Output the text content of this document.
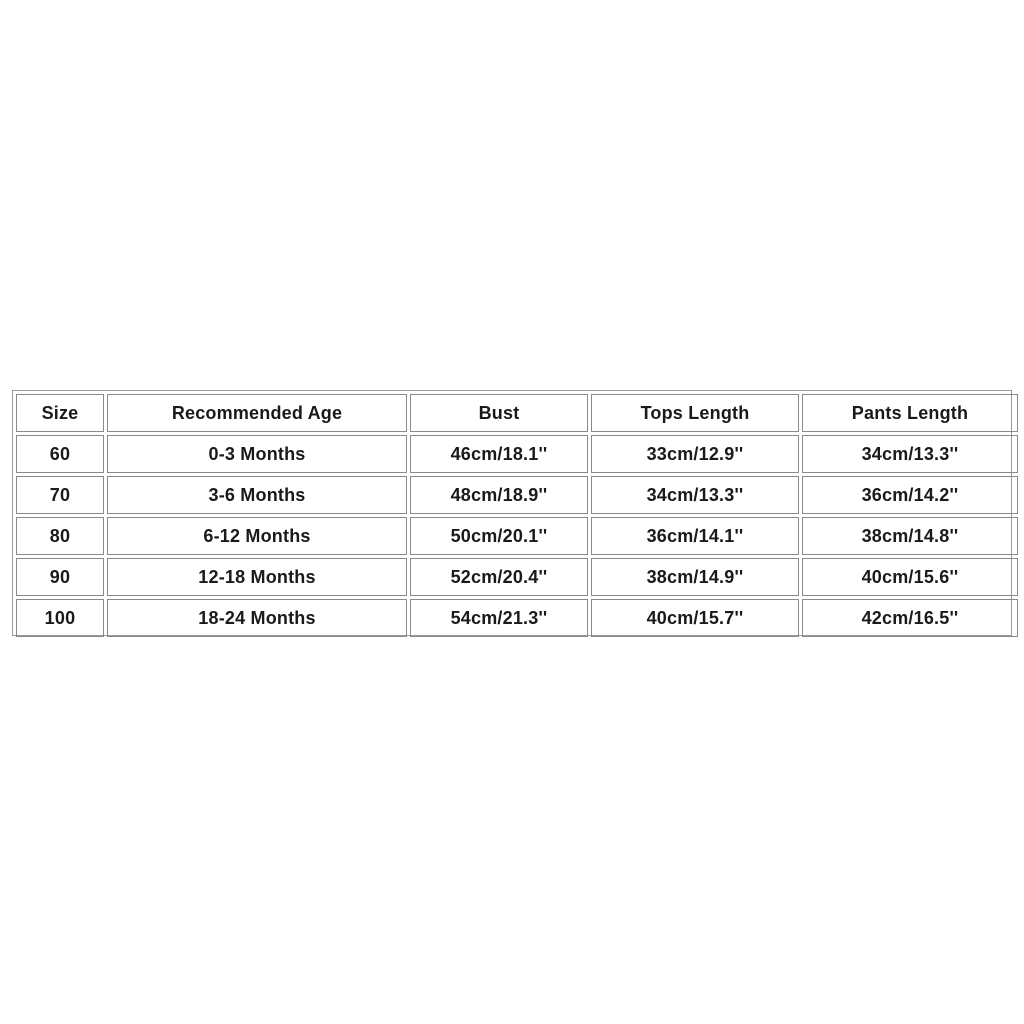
Size	Recommended Age	Bust	Tops Length	Pants Length
60	0-3 Months	46cm/18.1''	33cm/12.9''	34cm/13.3''
70	3-6 Months	48cm/18.9''	34cm/13.3''	36cm/14.2''
80	6-12 Months	50cm/20.1''	36cm/14.1''	38cm/14.8''
90	12-18 Months	52cm/20.4''	38cm/14.9''	40cm/15.6''
100	18-24 Months	54cm/21.3''	40cm/15.7''	42cm/16.5''
